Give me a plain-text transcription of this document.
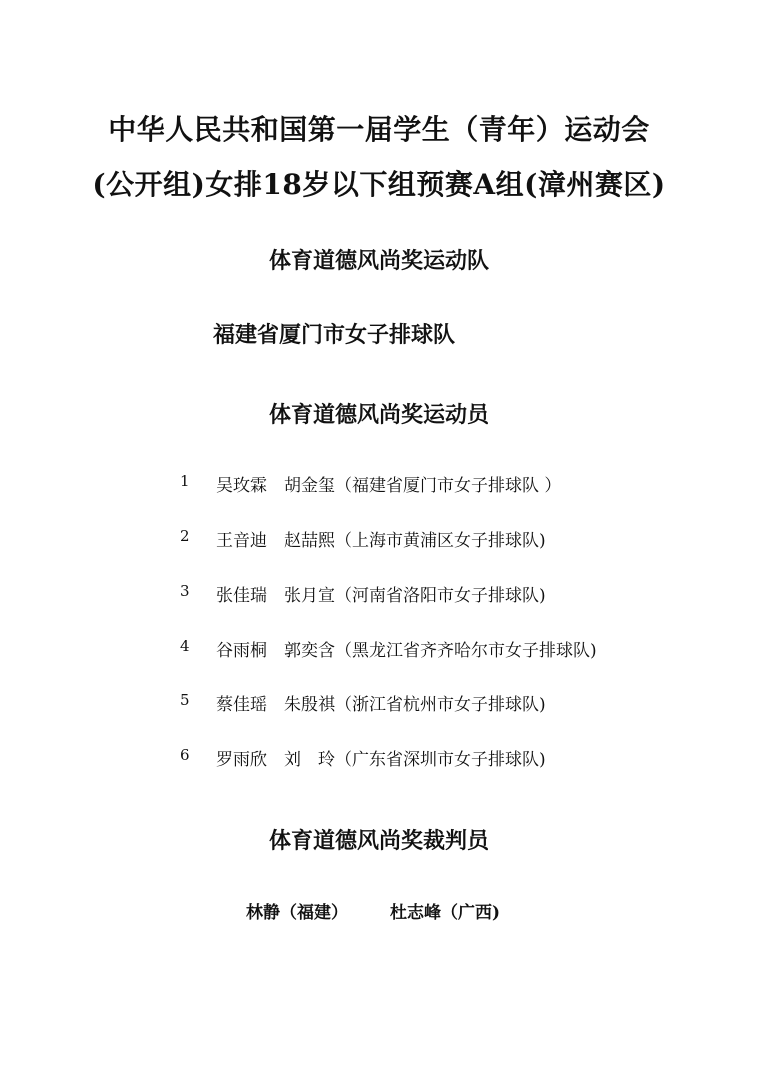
中华人民共和国第一届学生（青年）运动会
(公开组)女排18岁以下组预赛A组(漳州赛区)
体育道德风尚奖运动队
福建省厦门市女子排球队
体育道德风尚奖运动员
1 吴玫霖　胡金玺（福建省厦门市女子排球队 ）
2 王音迪　赵喆熙（上海市黄浦区女子排球队)
3 张佳瑞　张月宣（河南省洛阳市女子排球队)
4 谷雨桐　郭奕含（黑龙江省齐齐哈尔市女子排球队)
5 蔡佳瑶　朱殷祺（浙江省杭州市女子排球队)
6 罗雨欣　刘　玲（广东省深圳市女子排球队)
体育道德风尚奖裁判员
林静（福建） 杜志峰（广西)
